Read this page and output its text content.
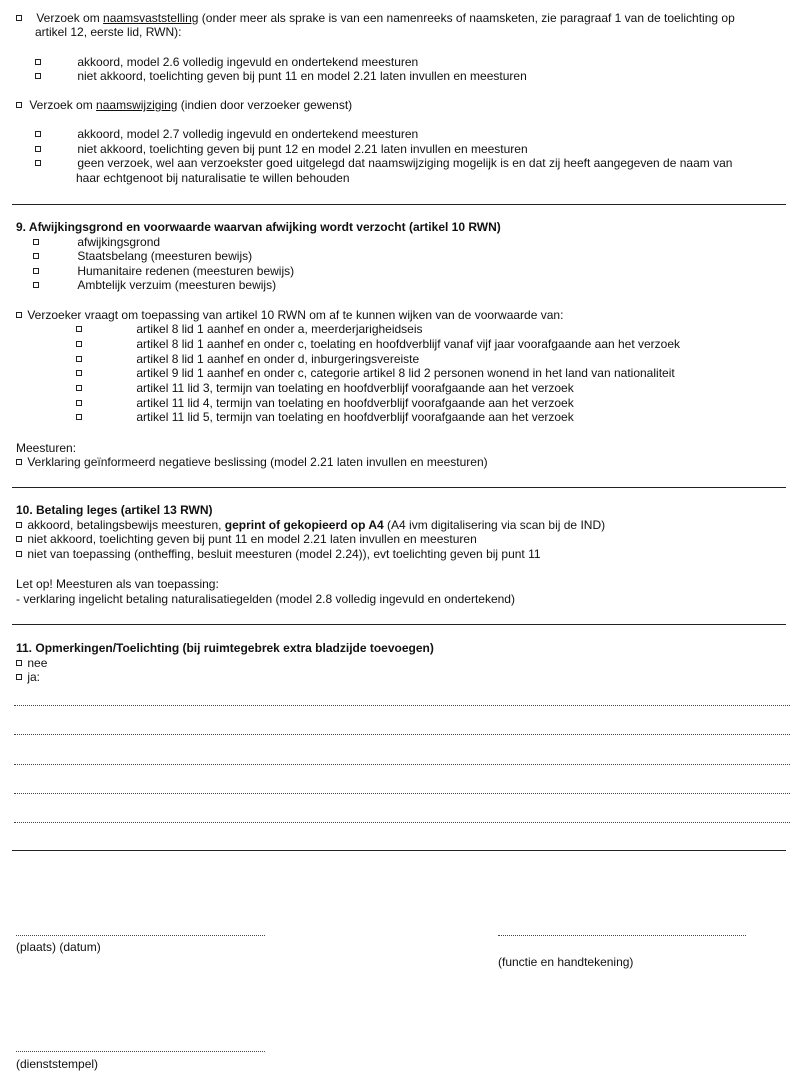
Verzoek om naamsvaststelling (onder meer als sprake is van een namenreeks of naamsketen, zie paragraaf 1 van de toelichting op
artikel 12, eerste lid, RWN):
akkoord, model 2.6 volledig ingevuld en ondertekend meesturen
niet akkoord, toelichting geven bij punt 11 en model 2.21 laten invullen en meesturen
Verzoek om naamswijziging (indien door verzoeker gewenst)
akkoord, model 2.7 volledig ingevuld en ondertekend meesturen
niet akkoord, toelichting geven bij punt 12 en model 2.21 laten invullen en meesturen
geen verzoek, wel aan verzoekster goed uitgelegd dat naamswijziging mogelijk is en dat zij heeft aangegeven de naam van
haar echtgenoot bij naturalisatie te willen behouden
9. Afwijkingsgrond en voorwaarde waarvan afwijking wordt verzocht (artikel 10 RWN)
afwijkingsgrond
Staatsbelang (meesturen bewijs)
Humanitaire redenen (meesturen bewijs)
Ambtelijk verzuim (meesturen bewijs)
Verzoeker vraagt om toepassing van artikel 10 RWN om af te kunnen wijken van de voorwaarde van:
artikel 8 lid 1 aanhef en onder a, meerderjarigheidseis
artikel 8 lid 1 aanhef en onder c, toelating en hoofdverblijf vanaf vijf jaar voorafgaande aan het verzoek
artikel 8 lid 1 aanhef en onder d, inburgeringsvereiste
artikel 9 lid 1 aanhef en onder c, categorie artikel 8 lid 2 personen wonend in het land van nationaliteit
artikel 11 lid 3, termijn van toelating en hoofdverblijf voorafgaande aan het verzoek
artikel 11 lid 4, termijn van toelating en hoofdverblijf voorafgaande aan het verzoek
artikel 11 lid 5, termijn van toelating en hoofdverblijf voorafgaande aan het verzoek
Meesturen:
Verklaring geïnformeerd negatieve beslissing (model 2.21 laten invullen en meesturen)
10. Betaling leges (artikel 13 RWN)
akkoord, betalingsbewijs meesturen, geprint of gekopieerd op A4 (A4 ivm digitalisering via scan bij de IND)
niet akkoord, toelichting geven bij punt 11 en model 2.21 laten invullen en meesturen
niet van toepassing (ontheffing, besluit meesturen (model 2.24)), evt toelichting geven bij punt 11
Let op! Meesturen als van toepassing:
- verklaring ingelicht betaling naturalisatiegelden (model 2.8 volledig ingevuld en ondertekend)
11. Opmerkingen/Toelichting (bij ruimtegebrek extra bladzijde toevoegen)
nee
ja:
(plaats) (datum)
(functie en handtekening)
(dienststempel)
